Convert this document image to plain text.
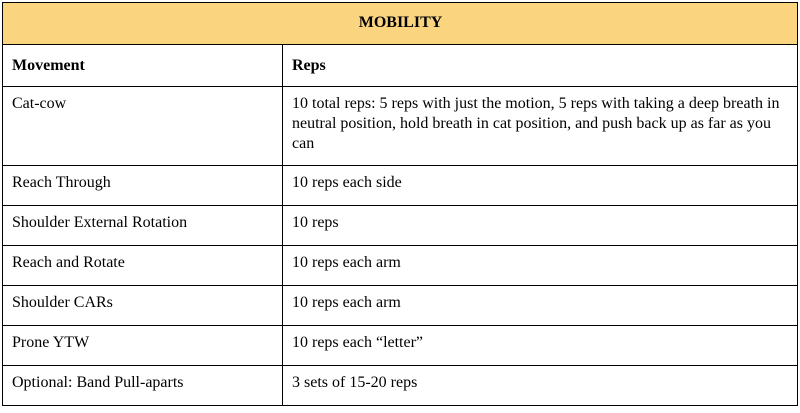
MOBILITY	
Movement	Reps
Cat-cow	10 total reps: 5 reps with just the motion, 5 reps with taking a deep breath in neutral position, hold breath in cat position, and push back up as far as you can
Reach Through	10 reps each side
Shoulder External Rotation	10 reps
Reach and Rotate	10 reps each arm
Shoulder CARs	10 reps each arm
Prone YTW	10 reps each “letter”
Optional: Band Pull-aparts	3 sets of 15-20 reps
